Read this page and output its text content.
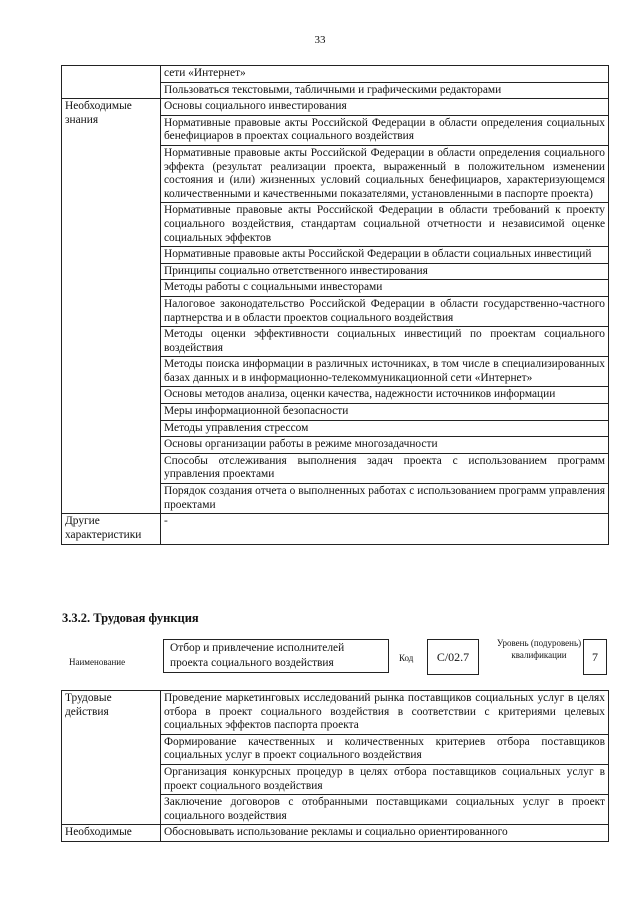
33
	сети «Интернет»
	Пользоваться текстовыми, табличными и графическими редакторами
Необходимые знания	Основы социального инвестирования
	Нормативные правовые акты Российской Федерации в области определения социальных бенефициаров в проектах социального воздействия
	Нормативные правовые акты Российской Федерации в области определения социального эффекта (результат реализации проекта, выраженный в положительном изменении состояния и (или) жизненных условий социальных бенефициаров, характеризующемся количественными и качественными показателями, установленными в паспорте проекта)
	Нормативные правовые акты Российской Федерации в области требований к проекту социального воздействия, стандартам социальной отчетности и независимой оценке социальных эффектов
	Нормативные правовые акты Российской Федерации в области социальных инвестиций
	Принципы социально ответственного инвестирования
	Методы работы с социальными инвесторами
	Налоговое законодательство Российской Федерации в области государственно-частного партнерства и в области проектов социального воздействия
	Методы оценки эффективности социальных инвестиций по проектам социального воздействия
	Методы поиска информации в различных источниках, в том числе в специализированных базах данных и в информационно-телекоммуникационной сети «Интернет»
	Основы методов анализа, оценки качества, надежности источников информации
	Меры информационной безопасности
	Методы управления стрессом
	Основы организации работы в режиме многозадачности
	Способы отслеживания выполнения задач проекта с использованием программ управления проектами
	Порядок создания отчета о выполненных работах с использованием программ управления проектами
Другие характеристики	-
3.3.2. Трудовая функция
Наименование
Отбор и привлечение исполнителей проекта социального воздействия	Код	C/02.7
Уровень (подуровень) квалификации	7
Трудовые действия	Проведение маркетинговых исследований рынка поставщиков социальных услуг в целях отбора в проект социального воздействия в соответствии с критериями целевых социальных эффектов паспорта проекта
	Формирование качественных и количественных критериев отбора поставщиков социальных услуг в проект социального воздействия
	Организация конкурсных процедур в целях отбора поставщиков социальных услуг в проект социального воздействия
	Заключение договоров с отобранными поставщиками социальных услуг в проект социального воздействия
Необходимые	Обосновывать использование рекламы и социально ориентированного
